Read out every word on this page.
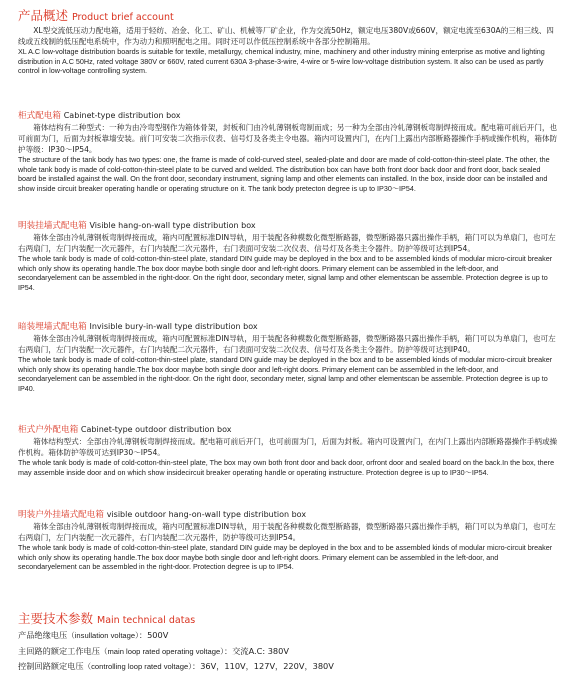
产品概述 Product brief account

XL型交流低压动力配电箱，适用于轻纺、冶金、化工、矿山、机械等厂矿企业，作为交流50Hz，额定电压380V或660V，额定电流至630A的三相三线、四线或五线制的低压配电系统中，作为动力和照明配电之用。同时还可以作低压控制系统中各部分控制箱用。

XL A.C low-voltage distribution boards is suitable for textile, metallurgy, chemical industry, mine, machinery and other industry mining enterprise as motive and lighting distribution in A.C 50Hz, rated voltage 380V or 660V, rated current 630A 3-phase-3-wire, 4-wire or 5-wire low-voltage distribution system. It also can be used as partly control in low-voltage controlling system.

柜式配电箱 Cabinet-type distribution box

箱体结构有二种型式：一种为由冷弯型钢作为箱体骨架，封板和门由冷轧薄钢板弯制而成；另一种为全部由冷轧薄钢板弯制焊接而成。配电箱可前后开门，也可前面为门，后面为封板靠墙安装。前门可安装二次指示仪表、信号灯及各类主令电器。箱内可设置内门，在内门上露出内部断路器操作手柄或操作机构，箱体防护等级：IP30～IP54。

The structure of the tank body has two types: one, the frame is made of cold-curved steel, sealed-plate and door are made of cold-cotton-thin-steel plate. The other, the whole tank body is made of cold-cotton-thin-steel plate to be curved and welded. The distribution box can have both front door back door and front door, back sealed board be installed against the wall. On the front door, secondary instrument, signing lamp and other elements can installed. In the box, inside door can be installed and show inside circuit breaker operating handle or operating structure on it. The tank body pretecton degree is up to IP30～IP54.

明装挂墙式配电箱 Visible hang-on-wall type distribution box

箱体全部由冷轧薄钢板弯制焊接而成，箱内可配置标准DIN导轨，用于装配各种模数化微型断路器，微型断路器只露出操作手柄，箱门可以为单扇门，也可左右两扇门，左门内装配一次元器件，右门内装配二次元器件，右门表面可安装二次仪表、信号灯及各类主令器件。防护等级可达到IP54。

The whole tank body is made of cold-cotton-thin-steel plate, standard DIN guide may be deployed in the box and to be assembled kinds of modular micro-circuit breaker which only show its operating handle.The box door maybe both single door and left-right doors. Primary element can be assembled in the left-door, and secondaryelement can be assembled in the right-door. On the right door, secondary meter, signal lamp and other elementscan be assemble. Protection degree is up to IP54.

暗装埋墙式配电箱 Invisible bury-in-wall type distribution box

箱体全部由冷轧薄钢板弯制焊接而成，箱内可配置标准DIN导轨，用于装配各种模数化微型断路器，微型断路器只露出操作手柄，箱门可以为单扇门，也可左右两扇门，左门内装配一次元器件，右门内装配二次元器件，右门表面可安装二次仪表、信号灯及各类主令器件。防护等级可达到IP40。

The whole tank body is made of cold-cotton-thin-steel plate, standard DIN guide may be deployed in the box and to be assembled kinds of modular micro-circuit breaker which only show its operating handle.The box door maybe both single door and left-right doors. Primary element can be assembled in the left-door, and secondaryelement can be assembled in the right-door. On the right door, secondary meter, signal lamp and other elementscan be assemble. Protection degree is up to IP40.

柜式户外配电箱 Cabinet-type outdoor distribution box

箱体结构型式：全部由冷轧薄钢板弯制焊接而成。配电箱可前后开门，也可前面为门，后面为封板。箱内可设置内门，在内门上露出内部断路器操作手柄或操作机构。箱体防护等级可达到IP30～IP54。

The whole tank body is made of cold-cotton-thin-steel plate, The box may own both front door and back door, orfront door and sealed board on the back.In the box, there may assemble inside door and on which show insidecircuit breaker operating handle or operating instructure. Protection degree is up to IP30～IP54.

明装户外挂墙式配电箱 visible outdoor hang-on-wall type distribution box

箱体全部由冷轧薄钢板弯制焊接而成，箱内可配置标准DIN导轨，用于装配各种模数化微型断路器，微型断路器只露出操作手柄，箱门可以为单扇门，也可左右两扇门，左门内装配一次元器件，右门内装配二次元器件，防护等级可达到IP54。

The whole tank body is made of cold-cotton-thin-steel plate, standard DIN guide may be deployed in the box and to be assembled kinds of modular micro-circuit breaker which only show its operating handle.The box door maybe both single door and left-right doors. Primary element can be assembled in the left-door, and secondaryelement can be assembled in the right-door. Protection degree is up to IP54.

主要技术参数 Main technical datas

产品绝缘电压（insullation voltage）：500V

主回路的额定工作电压（main loop rated operating voltage）：交流A.C: 380V

控制回路额定电压（controlling loop rated voltage）：36V，110V，127V，220V，380V
